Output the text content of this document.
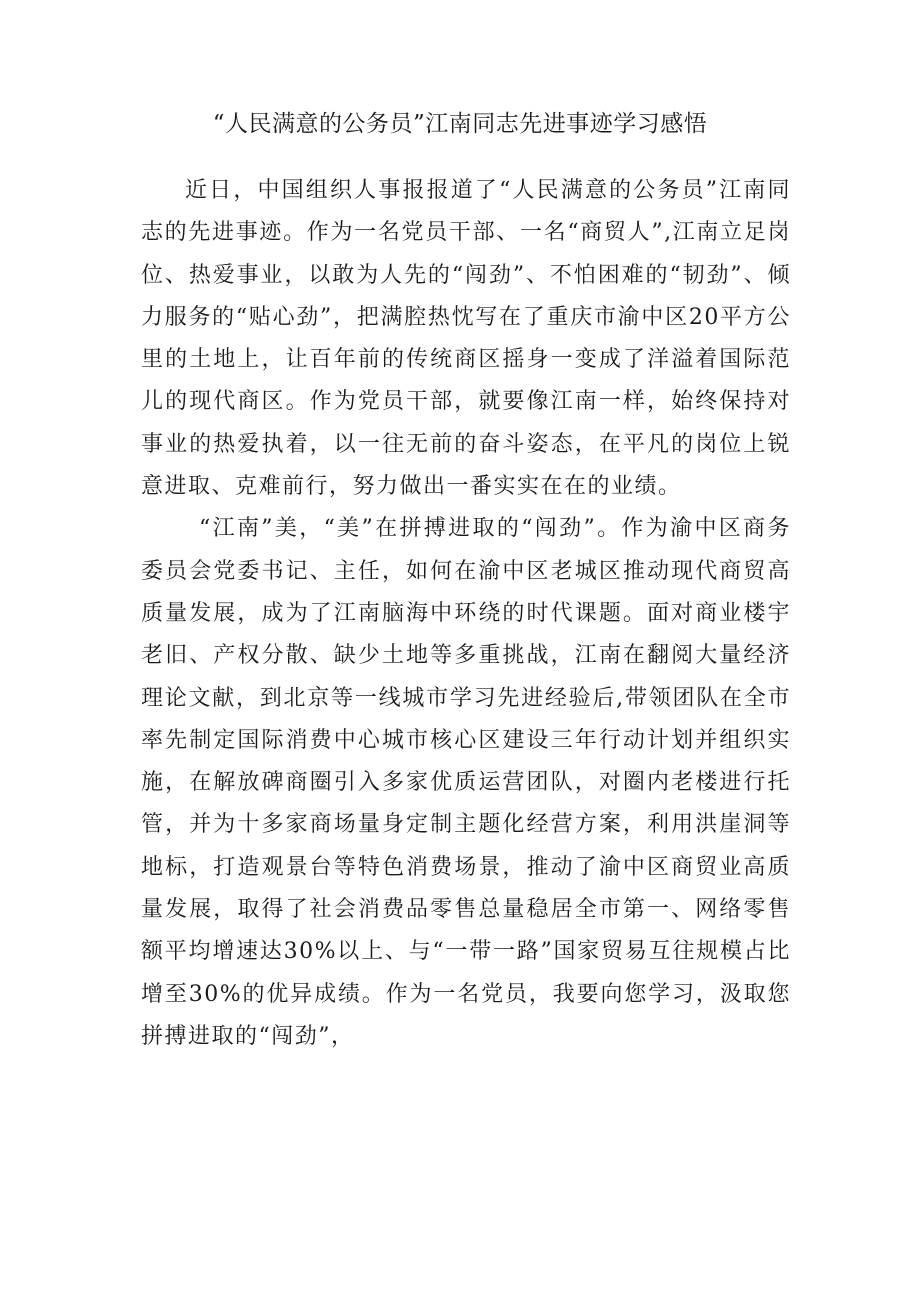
“人民满意的公务员”江南同志先进事迹学习感悟

近日，中国组织人事报报道了“人民满意的公务员”江南同志的先进事迹。作为一名党员干部、一名“商贸人”,江南立足岗位、热爱事业，以敢为人先的“闯劲”、不怕困难的“韧劲”、倾力服务的“贴心劲”，把满腔热忱写在了重庆市渝中区20平方公里的土地上，让百年前的传统商区摇身一变成了洋溢着国际范儿的现代商区。作为党员干部，就要像江南一样，始终保持对事业的热爱执着，以一往无前的奋斗姿态，在平凡的岗位上锐意进取、克难前行，努力做出一番实实在在的业绩。

“江南”美，“美”在拼搏进取的“闯劲”。作为渝中区商务委员会党委书记、主任，如何在渝中区老城区推动现代商贸高质量发展，成为了江南脑海中环绕的时代课题。面对商业楼宇老旧、产权分散、缺少土地等多重挑战，江南在翻阅大量经济理论文献，到北京等一线城市学习先进经验后,带领团队在全市率先制定国际消费中心城市核心区建设三年行动计划并组织实施，在解放碑商圈引入多家优质运营团队，对圈内老楼进行托管，并为十多家商场量身定制主题化经营方案，利用洪崖洞等地标，打造观景台等特色消费场景，推动了渝中区商贸业高质量发展，取得了社会消费品零售总量稳居全市第一、网络零售额平均增速达30%以上、与“一带一路”国家贸易互往规模占比增至30%的优异成绩。作为一名党员，我要向您学习，汲取您拼搏进取的“闯劲”，
